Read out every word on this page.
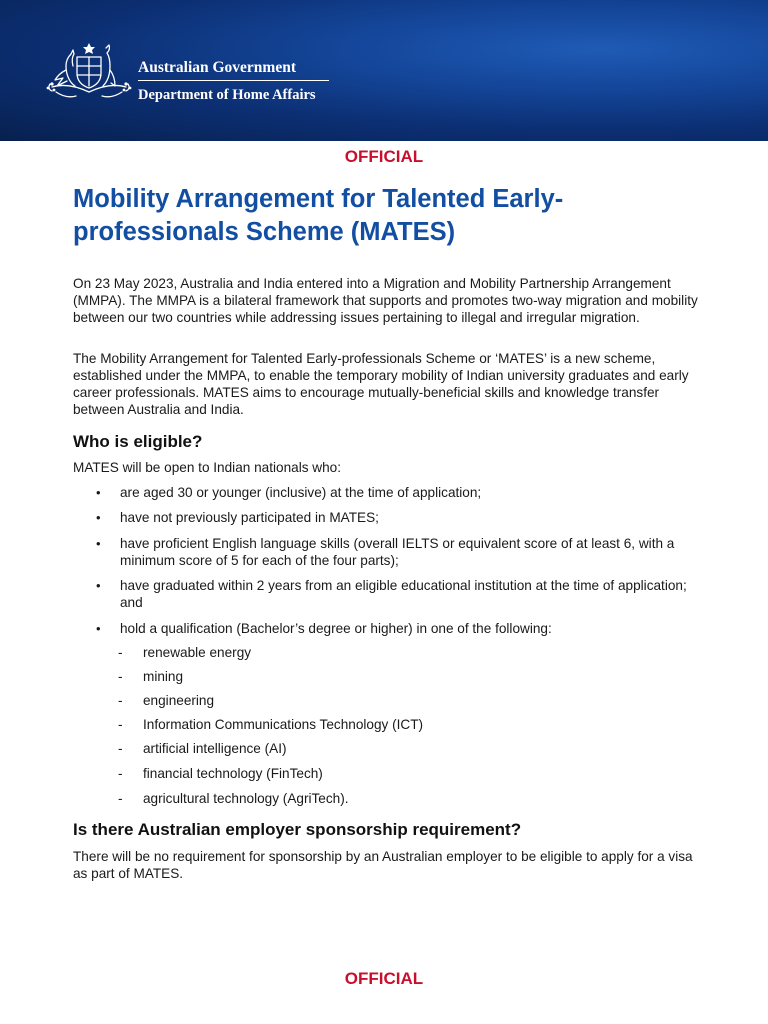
Australian Government
Department of Home Affairs
OFFICIAL
Mobility Arrangement for Talented Early-professionals Scheme (MATES)

On 23 May 2023, Australia and India entered into a Migration and Mobility Partnership Arrangement (MMPA). The MMPA is a bilateral framework that supports and promotes two-way migration and mobility between our two countries while addressing issues pertaining to illegal and irregular migration.

The Mobility Arrangement for Talented Early-professionals Scheme or ‘MATES’ is a new scheme, established under the MMPA, to enable the temporary mobility of Indian university graduates and early career professionals. MATES aims to encourage mutually-beneficial skills and knowledge transfer between Australia and India.

Who is eligible?
MATES will be open to Indian nationals who:
• are aged 30 or younger (inclusive) at the time of application;
• have not previously participated in MATES;
• have proficient English language skills (overall IELTS or equivalent score of at least 6, with a minimum score of 5 for each of the four parts);
• have graduated within 2 years from an eligible educational institution at the time of application; and
• hold a qualification (Bachelor’s degree or higher) in one of the following:
- renewable energy
- mining
- engineering
- Information Communications Technology (ICT)
- artificial intelligence (AI)
- financial technology (FinTech)
- agricultural technology (AgriTech).
Is there Australian employer sponsorship requirement?

There will be no requirement for sponsorship by an Australian employer to be eligible to apply for a visa as part of MATES.

OFFICIAL
